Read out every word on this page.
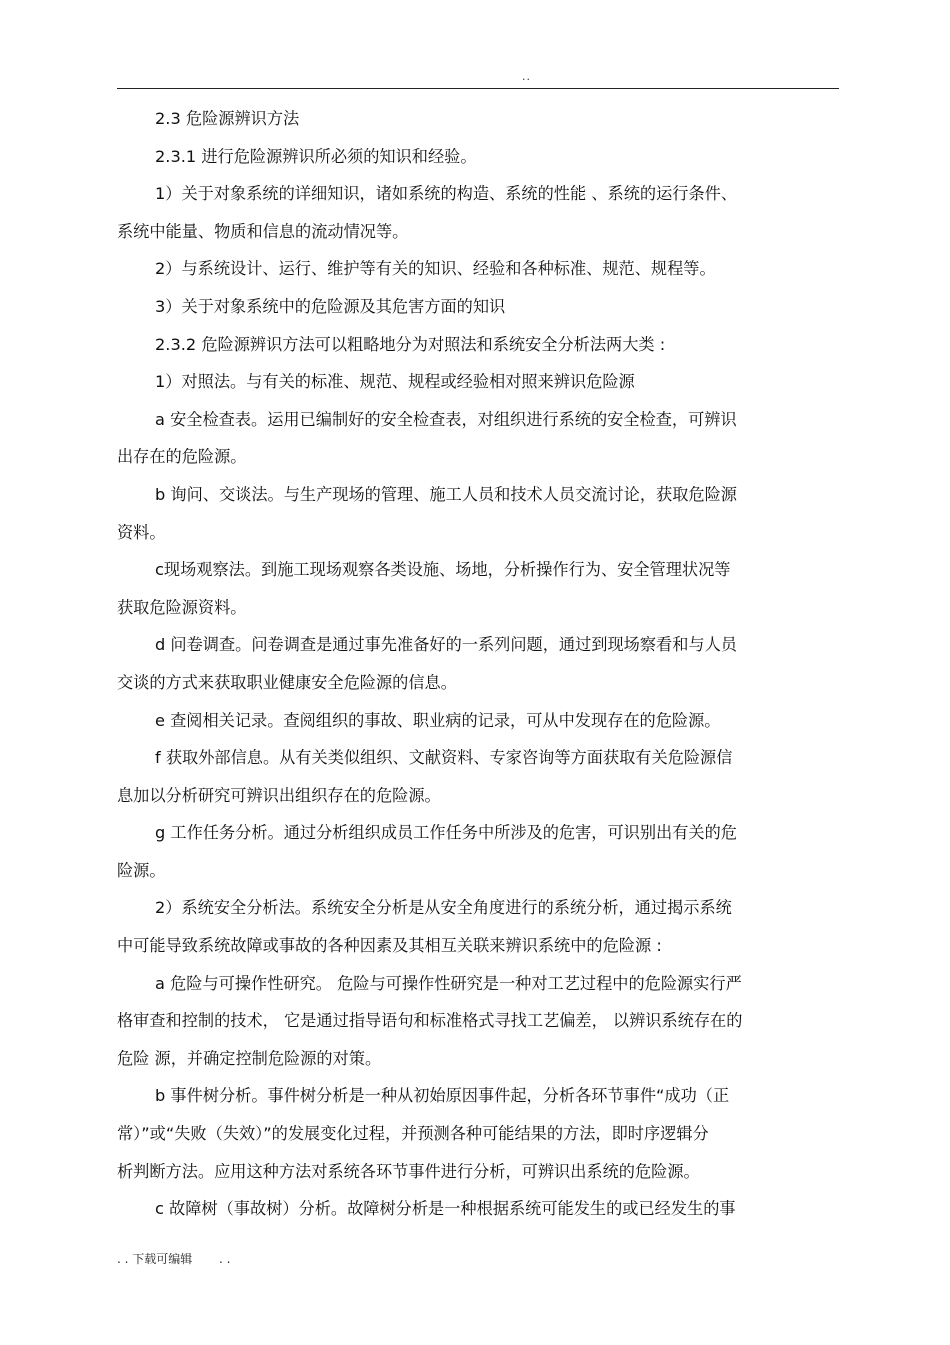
..

2.3 危险源辨识方法

2.3.1 进行危险源辨识所必须的知识和经验。

1）关于对象系统的详细知识，诸如系统的构造、系统的性能 、系统的运行条件、

系统中能量、物质和信息的流动情况等。

2）与系统设计、运行、维护等有关的知识、经验和各种标准、规范、规程等。

3）关于对象系统中的危险源及其危害方面的知识

2.3.2 危险源辨识方法可以粗略地分为对照法和系统安全分析法两大类 :

1）对照法。与有关的标准、规范、规程或经验相对照来辨识危险源

a 安全检查表。运用已编制好的安全检查表，对组织进行系统的安全检查，可辨识

出存在的危险源。

b 询问、交谈法。与生产现场的管理、施工人员和技术人员交流讨论，获取危险源

资料。

c现场观察法。到施工现场观察各类设施、场地，分析操作行为、安全管理状况等

获取危险源资料。

d 问卷调查。问卷调查是通过事先准备好的一系列问题，通过到现场察看和与人员

交谈的方式来获取职业健康安全危险源的信息。

e 查阅相关记录。查阅组织的事故、职业病的记录，可从中发现存在的危险源。

f 获取外部信息。从有关类似组织、文献资料、专家咨询等方面获取有关危险源信

息加以分析研究可辨识出组织存在的危险源。

g 工作任务分析。通过分析组织成员工作任务中所涉及的危害，可识别出有关的危

险源。

2）系统安全分析法。系统安全分析是从安全角度进行的系统分析，通过揭示系统

中可能导致系统故障或事故的各种因素及其相互关联来辨识系统中的危险源 :

a 危险与可操作性研究。 危险与可操作性研究是一种对工艺过程中的危险源实行严

格审查和控制的技术， 它是通过指导语句和标准格式寻找工艺偏差， 以辨识系统存在的

危险 源，并确定控制危险源的对策。

b 事件树分析。事件树分析是一种从初始原因事件起，分析各环节事件“成功（正

常）”或“失败（失效）”的发展变化过程，并预测各种可能结果的方法，即时序逻辑分

析判断方法。应用这种方法对系统各环节事件进行分析，可辨识出系统的危险源。

c 故障树（事故树）分析。故障树分析是一种根据系统可能发生的或已经发生的事

. . 下载可编辑       . .
